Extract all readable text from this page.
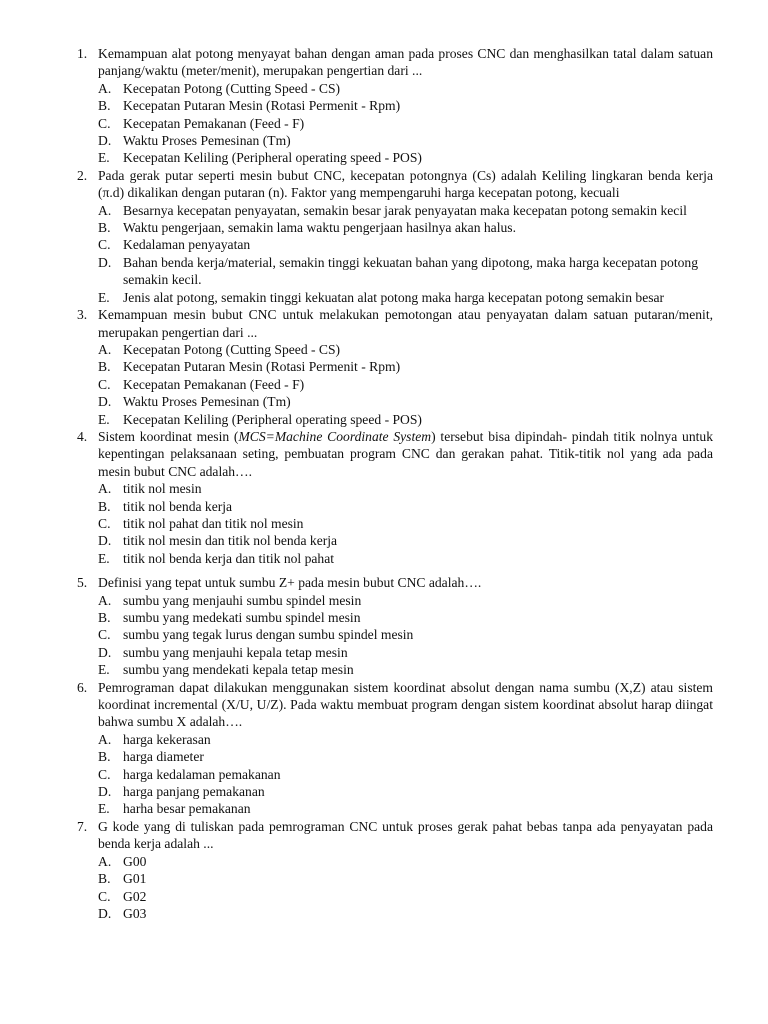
1. Kemampuan alat potong menyayat bahan dengan aman pada proses CNC dan menghasilkan tatal dalam satuan panjang/waktu (meter/menit), merupakan pengertian dari ...
A. Kecepatan Potong (Cutting Speed - CS)
B. Kecepatan Putaran Mesin (Rotasi Permenit - Rpm)
C. Kecepatan Pemakanan (Feed - F)
D. Waktu Proses Pemesinan (Tm)
E. Kecepatan Keliling (Peripheral operating speed - POS)
2. Pada gerak putar seperti mesin bubut CNC, kecepatan potongnya (Cs) adalah Keliling lingkaran benda kerja (π.d) dikalikan dengan putaran (n). Faktor yang mempengaruhi harga kecepatan potong, kecuali
A. Besarnya kecepatan penyayatan, semakin besar jarak penyayatan maka kecepatan potong semakin kecil
B. Waktu pengerjaan, semakin lama waktu pengerjaan hasilnya akan halus.
C. Kedalaman penyayatan
D. Bahan benda kerja/material, semakin tinggi kekuatan bahan yang dipotong, maka harga kecepatan potong semakin kecil.
E. Jenis alat potong, semakin tinggi kekuatan alat potong maka harga kecepatan potong semakin besar
3. Kemampuan mesin bubut CNC untuk melakukan pemotongan atau penyayatan dalam satuan putaran/menit, merupakan pengertian dari ...
A. Kecepatan Potong (Cutting Speed - CS)
B. Kecepatan Putaran Mesin (Rotasi Permenit - Rpm)
C. Kecepatan Pemakanan (Feed - F)
D. Waktu Proses Pemesinan (Tm)
E. Kecepatan Keliling (Peripheral operating speed - POS)
4. Sistem koordinat mesin (MCS=Machine Coordinate System) tersebut bisa dipindah- pindah titik nolnya untuk kepentingan pelaksanaan seting, pembuatan program CNC dan gerakan pahat. Titik-titik nol yang ada pada mesin bubut CNC adalah….
A. titik nol mesin
B. titik nol benda kerja
C. titik nol pahat dan titik nol mesin
D. titik nol mesin dan titik nol benda kerja
E. titik nol benda kerja dan titik nol pahat
5. Definisi yang tepat untuk sumbu Z+ pada mesin bubut CNC adalah….
A. sumbu yang menjauhi sumbu spindel mesin
B. sumbu yang medekati sumbu spindel mesin
C. sumbu yang tegak lurus dengan sumbu spindel mesin
D. sumbu yang menjauhi kepala tetap mesin
E. sumbu yang mendekati kepala tetap mesin
6. Pemrograman dapat dilakukan menggunakan sistem koordinat absolut dengan nama sumbu (X,Z) atau sistem koordinat incremental (X/U, U/Z). Pada waktu membuat program dengan sistem koordinat absolut harap diingat bahwa sumbu X adalah….
A. harga kekerasan
B. harga diameter
C. harga kedalaman pemakanan
D. harga panjang pemakanan
E. harha besar pemakanan
7. G kode yang di tuliskan pada pemrograman CNC untuk proses gerak pahat bebas tanpa ada penyayatan pada benda kerja adalah ...
A. G00
B. G01
C. G02
D. G03
